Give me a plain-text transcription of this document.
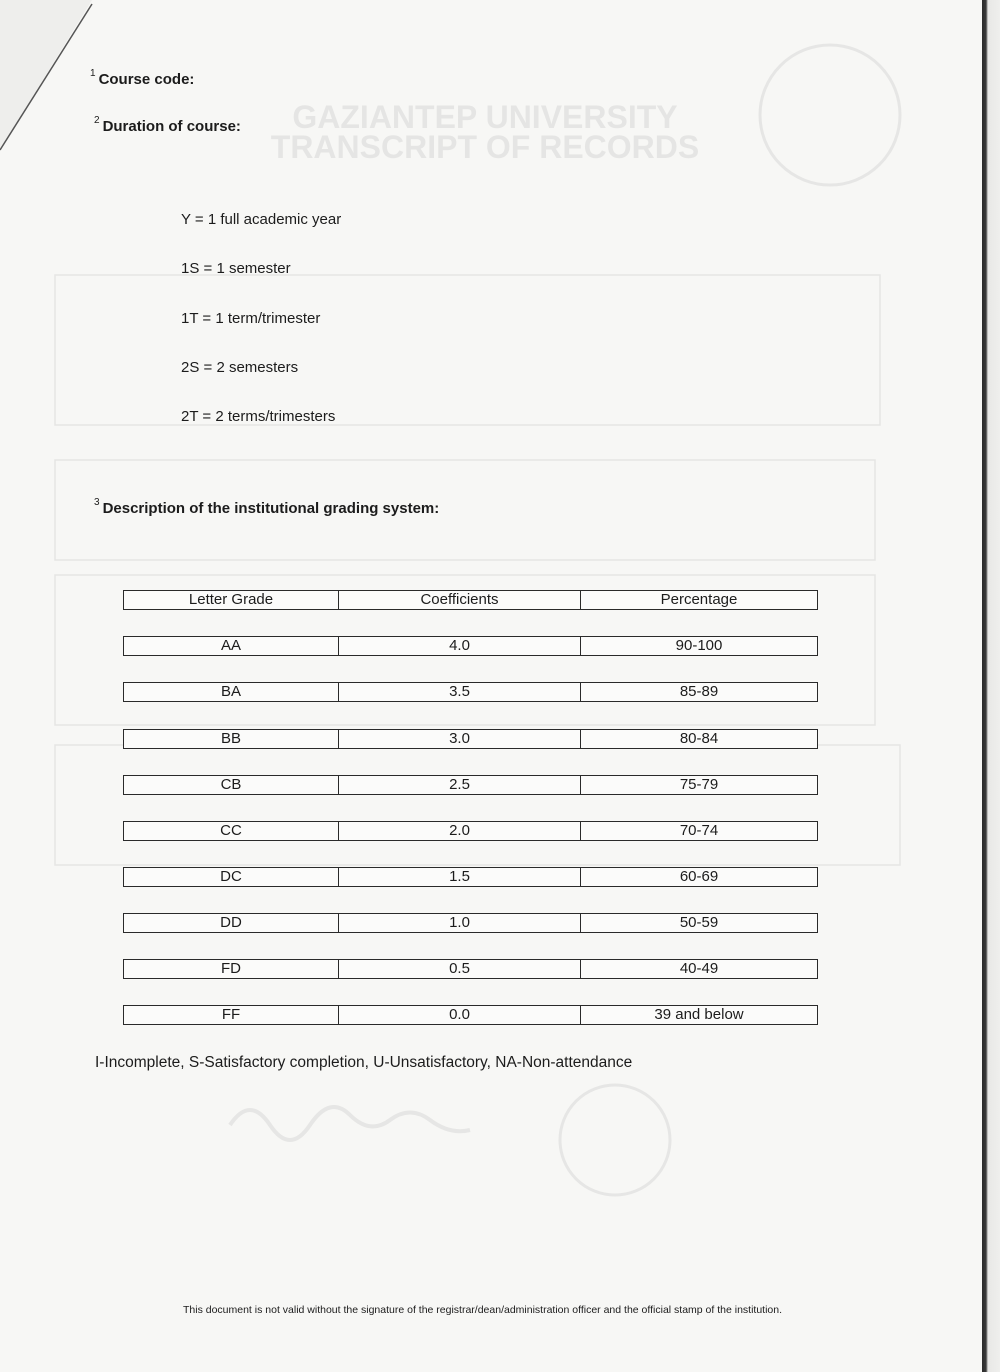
GAZIANTEP UNIVERSITY
TRANSCRIPT OF RECORDS
$^1$ Course code:
$^2$ Duration of course:
Y = 1 full academic year
1S = 1 semester
1T = 1 term/trimester
2S = 2 semesters
2T = 2 terms/trimesters
$^3$ Description of the institutional grading system:
Letter Grade	Coefficients	Percentage
AA	4.0	90-100
BA	3.5	85-89
BB	3.0	80-84
CB	2.5	75-79
CC	2.0	70-74
DC	1.5	60-69
DD	1.0	50-59
FD	0.5	40-49
FF	0.0	39 and below
I-Incomplete, S-Satisfactory completion, U-Unsatisfactory, NA-Non-attendance
This document is not valid without the signature of the registrar/dean/administration officer and the official stamp of the institution.
